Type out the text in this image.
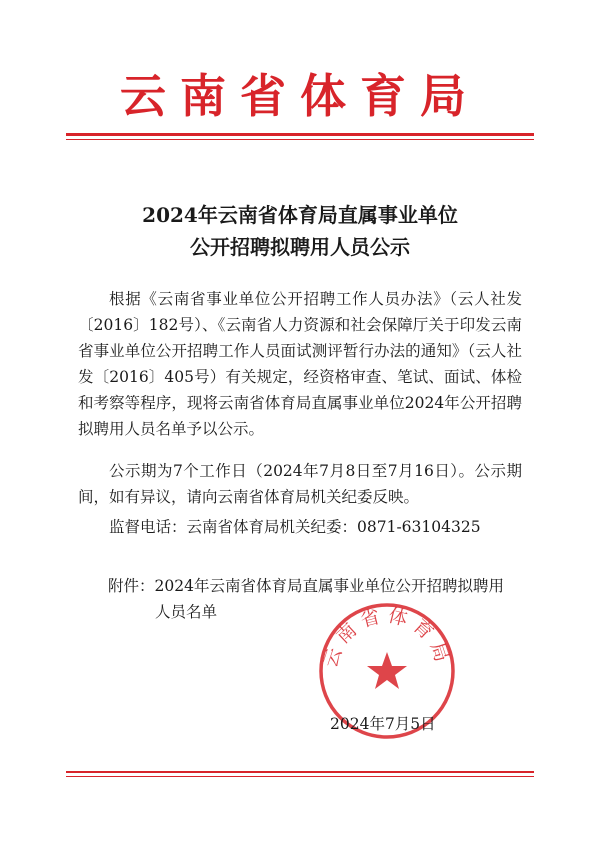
云南省体育局
2024年云南省体育局直属事业单位
公开招聘拟聘用人员公示

根据《云南省事业单位公开招聘工作人员办法》（云人社发〔2016〕182号）、《云南省人力资源和社会保障厅关于印发云南省事业单位公开招聘工作人员面试测评暂行办法的通知》（云人社发〔2016〕405号）有关规定，经资格审查、笔试、面试、体检和考察等程序，现将云南省体育局直属事业单位2024年公开招聘拟聘用人员名单予以公示。

公示期为7个工作日（2024年7月8日至7月16日）。公示期间，如有异议，请向云南省体育局机关纪委反映。

监督电话：云南省体育局机关纪委：0871-63104325

附件：2024年云南省体育局直属事业单位公开招聘拟聘用
人员名单
云南省体育局
2024年7月5日
